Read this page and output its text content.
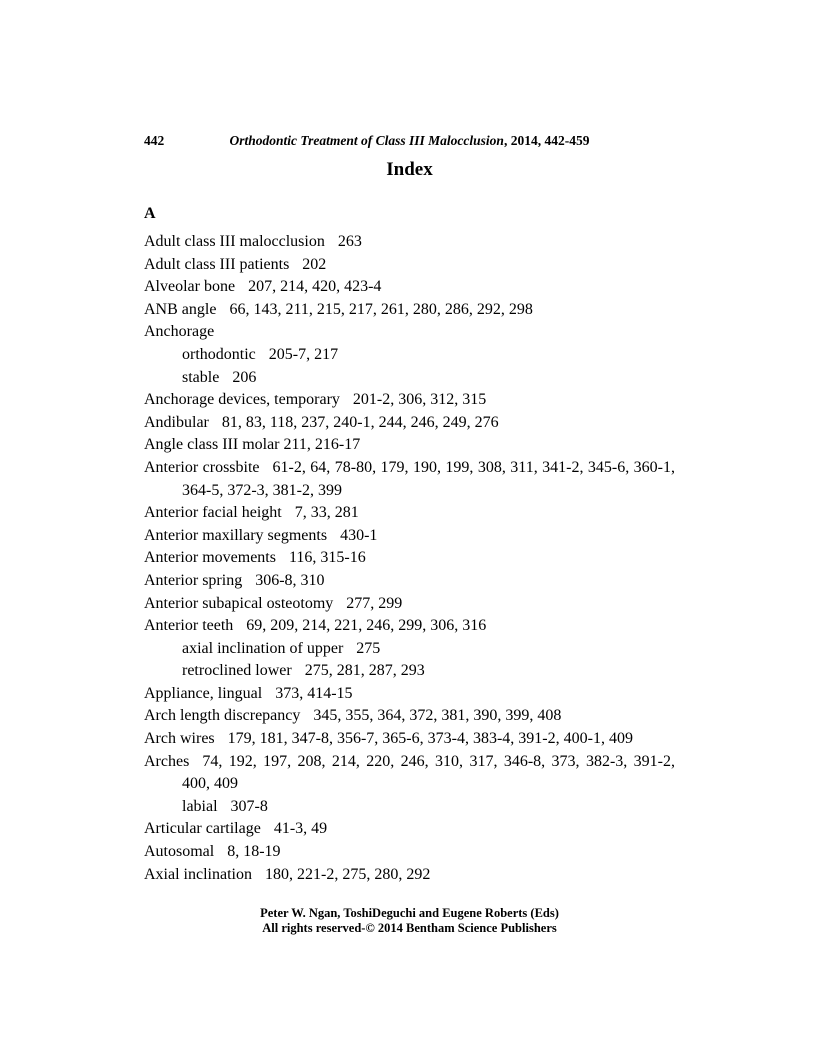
442	Orthodontic Treatment of Class III Malocclusion, 2014, 442-459
Index
A

Adult class III malocclusion 263

Adult class III patients 202

Alveolar bone 207, 214, 420, 423-4

ANB angle 66, 143, 211, 215, 217, 261, 280, 286, 292, 298

Anchorage

orthodontic 205-7, 217

stable 206

Anchorage devices, temporary 201-2, 306, 312, 315

Andibular 81, 83, 118, 237, 240-1, 244, 246, 249, 276

Angle class III molar 211, 216-17

Anterior crossbite 61-2, 64, 78-80, 179, 190, 199, 308, 311, 341-2, 345-6, 360-1, 364-5, 372-3, 381-2, 399

Anterior facial height 7, 33, 281

Anterior maxillary segments 430-1

Anterior movements 116, 315-16

Anterior spring 306-8, 310

Anterior subapical osteotomy 277, 299

Anterior teeth 69, 209, 214, 221, 246, 299, 306, 316

axial inclination of upper 275

retroclined lower 275, 281, 287, 293

Appliance, lingual 373, 414-15

Arch length discrepancy 345, 355, 364, 372, 381, 390, 399, 408

Arch wires 179, 181, 347-8, 356-7, 365-6, 373-4, 383-4, 391-2, 400-1, 409

Arches 74, 192, 197, 208, 214, 220, 246, 310, 317, 346-8, 373, 382-3, 391-2, 400, 409

labial 307-8

Articular cartilage 41-3, 49

Autosomal 8, 18-19

Axial inclination 180, 221-2, 275, 280, 292

Peter W. Ngan, ToshiDeguchi and Eugene Roberts (Eds)
All rights reserved-© 2014 Bentham Science Publishers
